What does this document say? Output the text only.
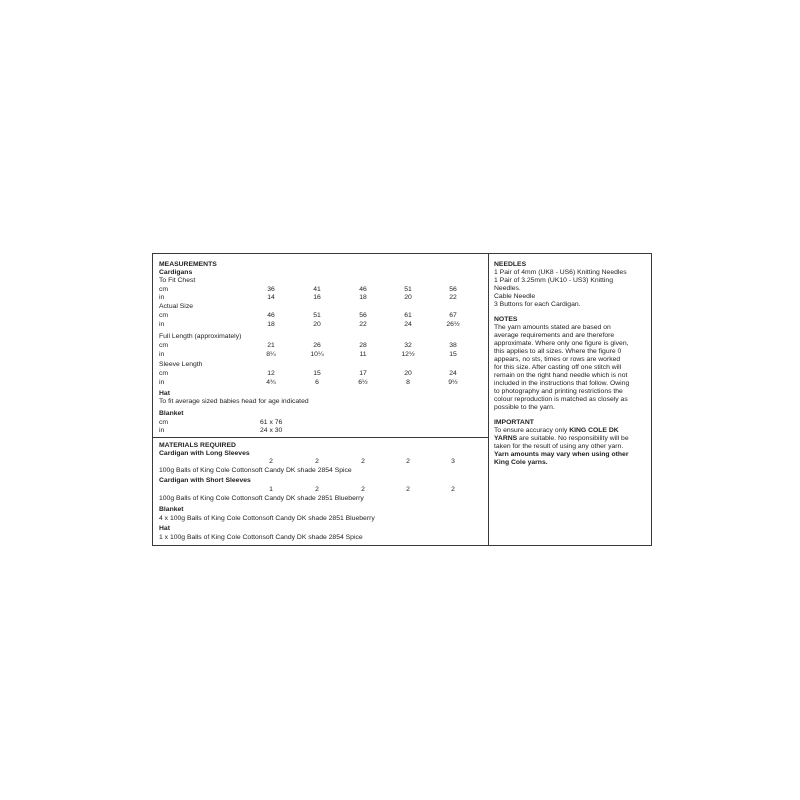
MEASUREMENTS
Cardigans
To Fit Chest
cm	36	41	46	51	56
in	14	16	18	20	22
Actual Size
cm	46	51	56	61	67
in	18	20	22	24	26½
Full Length (approximately)
cm	21	26	28	32	38
in	8¼	10¼	11	12½	15
Sleeve Length
cm	12	15	17	20	24
in	4¾	6	6½	8	9½
Hat
To fit average sized babies head for age indicated
Blanket
cm	61 x 76
in	24 x 30
MATERIALS REQUIRED
Cardigan with Long Sleeves
2	2	2	2	3
100g Balls of King Cole Cottonsoft Candy DK shade 2854 Spice
Cardigan with Short Sleeves
1	2	2	2	2
100g Balls of King Cole Cottonsoft Candy DK shade 2851 Blueberry
Blanket
4 x 100g Balls of King Cole Cottonsoft Candy DK shade 2851 Blueberry
Hat
1 x 100g Balls of King Cole Cottonsoft Candy DK shade 2854 Spice

NEEDLES

1 Pair of 4mm (UK8 - US6) Knitting Needles

1 Pair of 3.25mm (UK10 - US3) Knitting

Needles.

Cable Needle

3 Buttons for each Cardigan.

NOTES

The yarn amounts stated are based on

average requirements and are therefore

approximate. Where only one figure is given,

this applies to all sizes. Where the figure 0

appears, no sts, times or rows are worked

for this size. After casting off one stitch will

remain on the right hand needle which is not

included in the instructions that follow. Owing

to photography and printing restrictions the

colour reproduction is matched as closely as

possible to the yarn.

IMPORTANT

To ensure accuracy only KING COLE DK

YARNS are suitable. No responsibility will be

taken for the result of using any other yarn.

Yarn amounts may vary when using other

King Cole yarns.
